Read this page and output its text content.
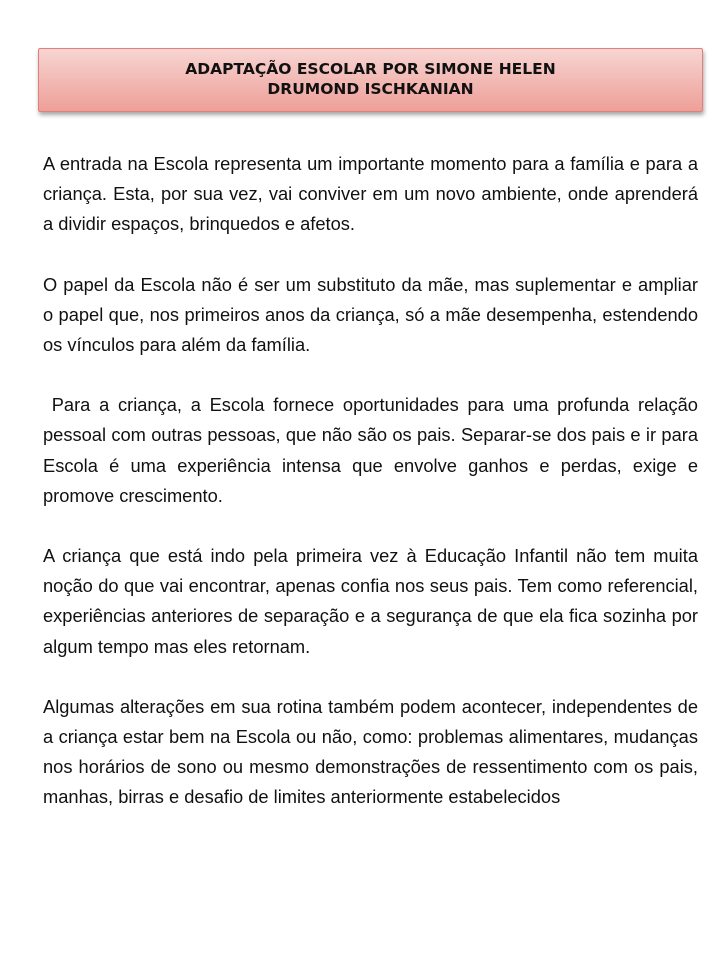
ADAPTAÇÃO ESCOLAR POR SIMONE HELEN
DRUMOND ISCHKANIAN

A entrada na Escola representa um importante momento para a família e para a criança. Esta, por sua vez, vai conviver em um novo ambiente, onde aprenderá a dividir espaços, brinquedos e afetos.

O papel da Escola não é ser um substituto da mãe, mas suplementar e ampliar o papel que, nos primeiros anos da criança, só a mãe desempenha, estendendo os vínculos para além da família.

Para a criança, a Escola fornece oportunidades para uma profunda relação pessoal com outras pessoas, que não são os pais. Separar-se dos pais e ir para Escola é uma experiência intensa que envolve ganhos e perdas, exige e promove crescimento.

A criança que está indo pela primeira vez à Educação Infantil não tem muita noção do que vai encontrar, apenas confia nos seus pais. Tem como referencial, experiências anteriores de separação e a segurança de que ela fica sozinha por algum tempo mas eles retornam.

Algumas alterações em sua rotina também podem acontecer, independentes de a criança estar bem na Escola ou não, como: problemas alimentares, mudanças nos horários de sono ou mesmo demonstrações de ressentimento com os pais, manhas, birras e desafio de limites anteriormente estabelecidos
